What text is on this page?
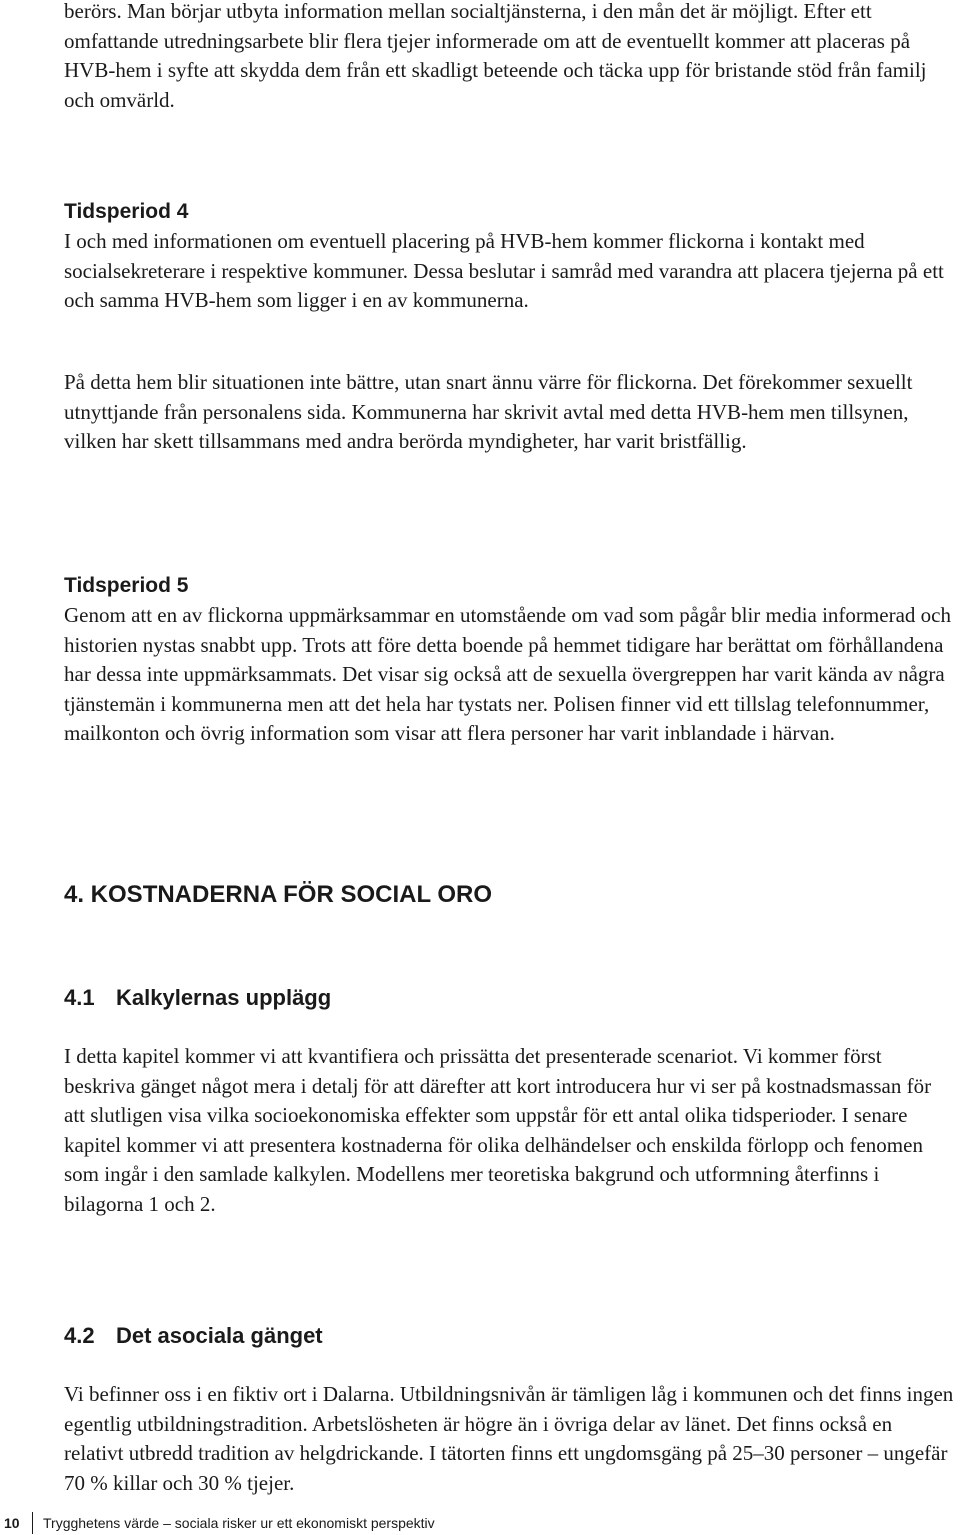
berörs. Man börjar utbyta information mellan socialtjänsterna, i den mån det är möjligt. Efter ett omfattande utredningsarbete blir flera tjejer informerade om att de eventuellt kommer att placeras på HVB-hem i syfte att skydda dem från ett skadligt beteende och täcka upp för bristande stöd från familj och omvärld.

Tidsperiod 4

I och med informationen om eventuell placering på HVB-hem kommer flickorna i kontakt med socialsekreterare i respektive kommuner. Dessa beslutar i samråd med varandra att placera tjejerna på ett och samma HVB-hem som ligger i en av kommunerna.

På detta hem blir situationen inte bättre, utan snart ännu värre för flickorna. Det förekommer sexuellt utnyttjande från personalens sida. Kommunerna har skrivit avtal med detta HVB-hem men tillsynen, vilken har skett tillsammans med andra berörda myndigheter, har varit bristfällig.

Tidsperiod 5

Genom att en av flickorna uppmärksammar en utomstående om vad som pågår blir media informerad och historien nystas snabbt upp. Trots att före detta boende på hemmet tidigare har berättat om förhållandena har dessa inte uppmärksammats. Det visar sig också att de sexuella övergreppen har varit kända av några tjänstemän i kommunerna men att det hela har tystats ner. Polisen finner vid ett tillslag telefonnummer, mailkonton och övrig information som visar att flera personer har varit inblandade i härvan.

4. KOSTNADERNA FÖR SOCIAL ORO
4.1 Kalkylernas upplägg

I detta kapitel kommer vi att kvantifiera och prissätta det presenterade scenariot. Vi kommer först beskriva gänget något mera i detalj för att därefter att kort introducera hur vi ser på kostnadsmassan för att slutligen visa vilka socioekonomiska effekter som uppstår för ett antal olika tidsperioder. I senare kapitel kommer vi att presentera kostnaderna för olika delhändelser och enskilda förlopp och fenomen som ingår i den samlade kalkylen. Modellens mer teoretiska bakgrund och utformning återfinns i bilagorna 1 och 2.

4.2 Det asociala gänget

Vi befinner oss i en fiktiv ort i Dalarna. Utbildningsnivån är tämligen låg i kommunen och det finns ingen egentlig utbildningstradition. Arbetslösheten är högre än i övriga delar av länet. Det finns också en relativt utbredd tradition av helgdrickande. I tätorten finns ett ungdomsgäng på 25–30 personer – ungefär 70 % killar och 30 % tjejer.

10	Trygghetens värde – sociala risker ur ett ekonomiskt perspektiv
